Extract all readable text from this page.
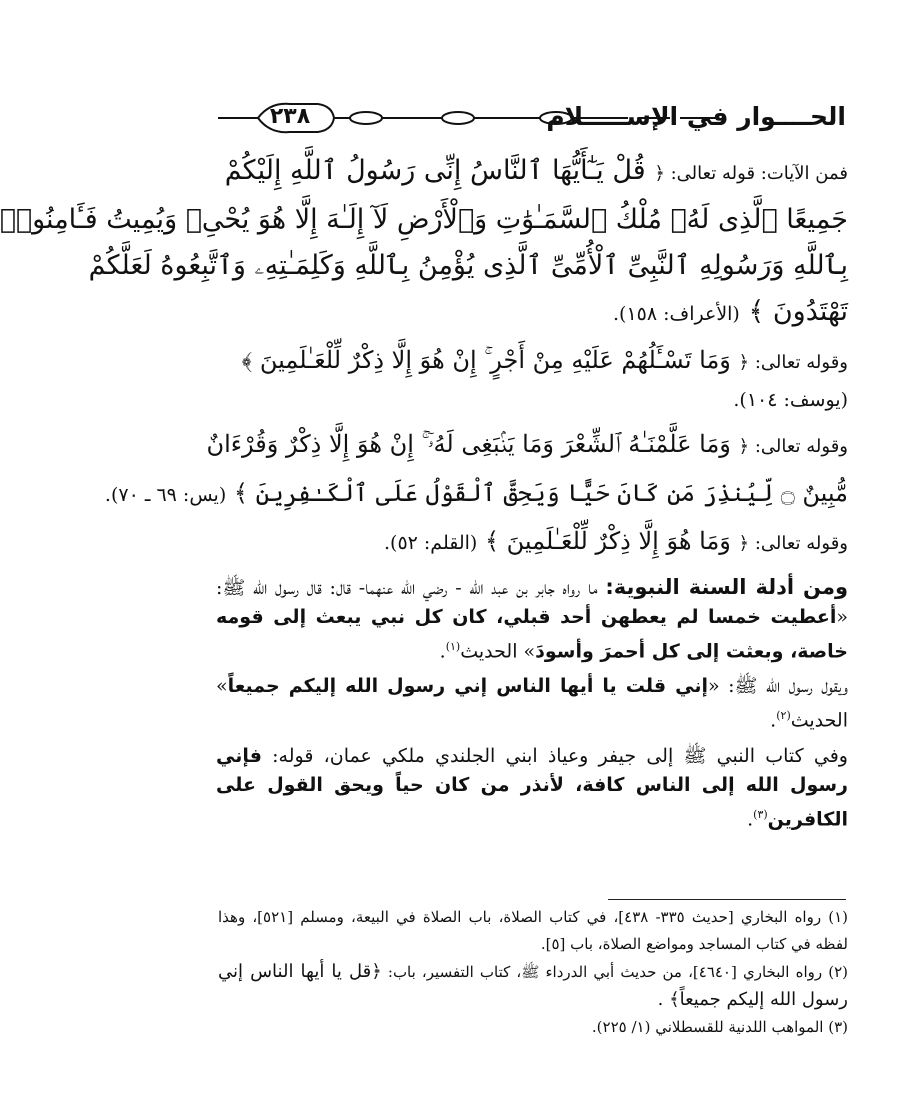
الحــــوار في الإســـــلام
٢٣٨
فمن الآيات: قوله تعالى: ﴿ قُلْ يَـٰٓأَيُّهَا ٱلنَّاسُ إِنِّى رَسُولُ ٱللَّهِ إِلَيْكُمْ
جَمِيعًا ٱلَّذِى لَهُۥ مُلْكُ ٱلسَّمَـٰوَٰتِ وَٱلْأَرْضِ لَآ إِلَـٰهَ إِلَّا هُوَ يُحْىِۦ وَيُمِيتُ فَـَٔامِنُوا۟
بِٱللَّهِ وَرَسُولِهِ ٱلنَّبِىِّ ٱلْأُمِّىِّ ٱلَّذِى يُؤْمِنُ بِٱللَّهِ وَكَلِمَـٰتِهِۦ وَٱتَّبِعُوهُ لَعَلَّكُمْ
تَهْتَدُونَ ﴾ (الأعراف: ١٥٨).
وقوله تعالى: ﴿ وَمَا تَسْـَٔلُهُمْ عَلَيْهِ مِنْ أَجْرٍ ۚ إِنْ هُوَ إِلَّا ذِكْرٌ لِّلْعَـٰلَمِينَ ﴾
(يوسف: ١٠٤).
وقوله تعالى: ﴿ وَمَا عَلَّمْنَـٰهُ ٱلشِّعْرَ وَمَا يَنۢبَغِى لَهُۥٓ ۚ إِنْ هُوَ إِلَّا ذِكْرٌ وَقُرْءَانٌ
مُّبِينٌ ۝ لِّيُنذِرَ مَن كَانَ حَيًّا وَيَحِقَّ ٱلْقَوْلُ عَلَى ٱلْكَـٰفِرِينَ ﴾ (يس: ٦٩ ـ ٧٠).
وقوله تعالى: ﴿ وَمَا هُوَ إِلَّا ذِكْرٌ لِّلْعَـٰلَمِينَ ﴾ (القلم: ٥٢).

ومن أدلة السنة النبوية: ما رواه جابر بن عبد الله - رضي الله عنهما- قال: قال رسول الله ﷺ: «أعطيت خمسا لم يعطهن أحد قبلي، كان كل نبي يبعث إلى قومه خاصة، وبعثت إلى كل أحمرَ وأسودَ» الحديث$^{(١)}$.

ويقول رسول الله ﷺ: «إني قلت يا أيها الناس إني رسول الله إليكم جميعاً» الحديث$^{(٢)}$.

وفي كتاب النبي ﷺ إلى جيفر وعياذ ابني الجلندي ملكي عمان، قوله: فإني رسول الله إلى الناس كافة، لأنذر من كان حياً ويحق القول على الكافرين$^{(٣)}$.

(١) رواه البخاري [حديث ٣٣٥- ٤٣٨]، في كتاب الصلاة، باب الصلاة في البيعة، ومسلم [٥٢١]، وهذا لفظه في كتاب المساجد ومواضع الصلاة، باب [٥].

(٢) رواه البخاري [٤٦٤٠]، من حديث أبي الدرداء ﷺ، كتاب التفسير، باب: ﴿قل يا أيها الناس إني رسول الله إليكم جميعاً﴾ .

(٣) المواهب اللدنية للقسطلاني (١/ ٢٢٥).
